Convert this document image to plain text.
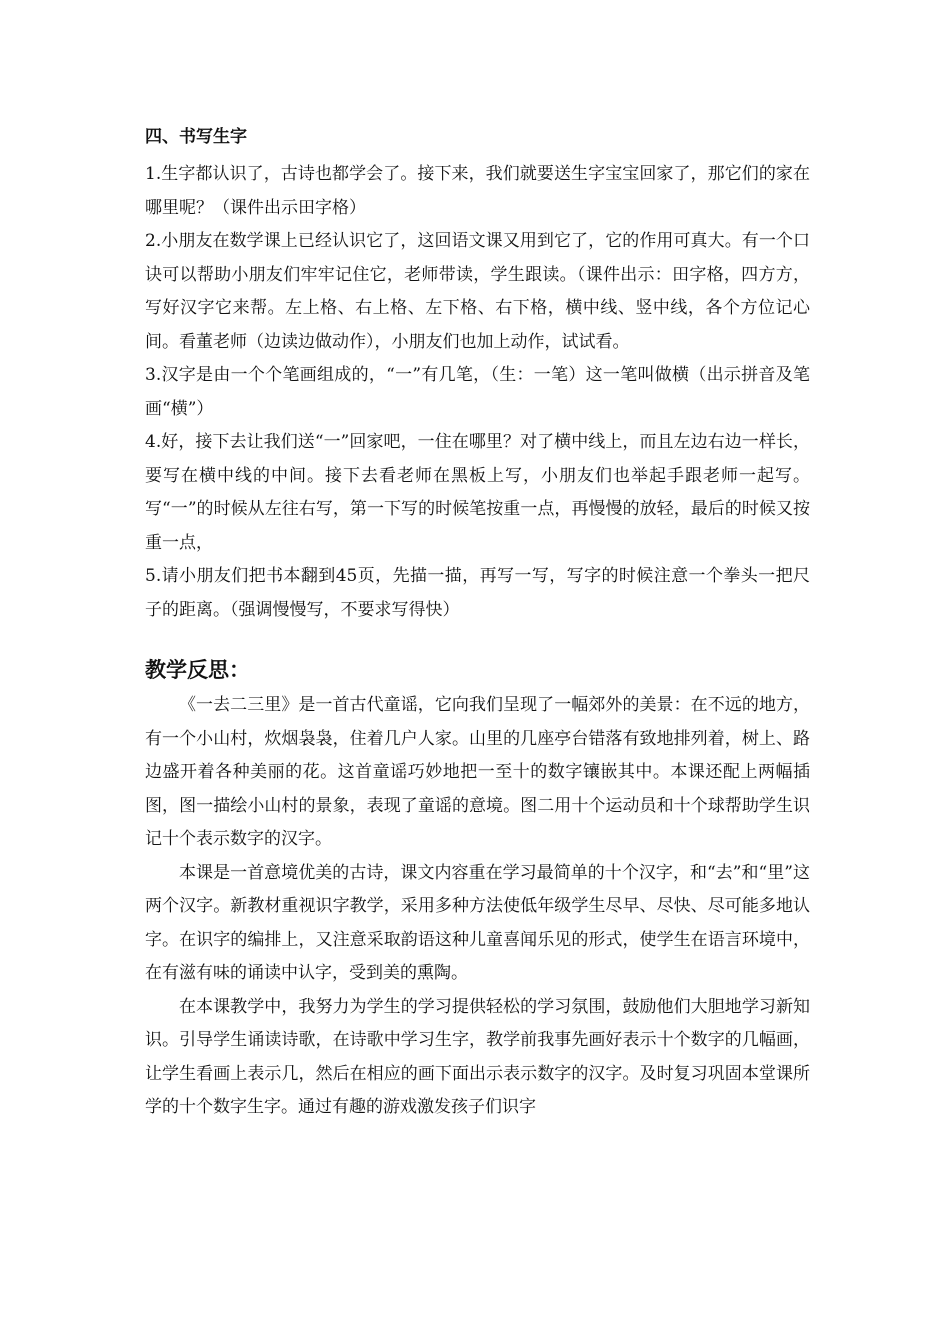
四、书写生字

1.生字都认识了，古诗也都学会了。接下来，我们就要送生字宝宝回家了，那它们的家在哪里呢？（课件出示田字格）

2.小朋友在数学课上已经认识它了，这回语文课又用到它了，它的作用可真大。有一个口诀可以帮助小朋友们牢牢记住它，老师带读，学生跟读。（课件出示：田字格，四方方，写好汉字它来帮。左上格、右上格、左下格、右下格，横中线、竖中线，各个方位记心间。看董老师（边读边做动作），小朋友们也加上动作，试试看。

3.汉字是由一个个笔画组成的，“一”有几笔，（生：一笔）这一笔叫做横（出示拼音及笔画“横”）

4.好，接下去让我们送“一”回家吧，一住在哪里？对了横中线上，而且左边右边一样长，要写在横中线的中间。接下去看老师在黑板上写，小朋友们也举起手跟老师一起写。写“一”的时候从左往右写，第一下写的时候笔按重一点，再慢慢的放轻，最后的时候又按重一点，

5.请小朋友们把书本翻到45页，先描一描，再写一写，写字的时候注意一个拳头一把尺子的距离。（强调慢慢写，不要求写得快）

教学反思：

《一去二三里》是一首古代童谣，它向我们呈现了一幅郊外的美景：在不远的地方，有一个小山村，炊烟袅袅，住着几户人家。山里的几座亭台错落有致地排列着，树上、路边盛开着各种美丽的花。这首童谣巧妙地把一至十的数字镶嵌其中。本课还配上两幅插图，图一描绘小山村的景象，表现了童谣的意境。图二用十个运动员和十个球帮助学生识记十个表示数字的汉字。

本课是一首意境优美的古诗，课文内容重在学习最简单的十个汉字，和“去”和“里”这两个汉字。新教材重视识字教学，采用多种方法使低年级学生尽早、尽快、尽可能多地认字。在识字的编排上，又注意采取韵语这种儿童喜闻乐见的形式，使学生在语言环境中，在有滋有味的诵读中认字，受到美的熏陶。

在本课教学中，我努力为学生的学习提供轻松的学习氛围，鼓励他们大胆地学习新知识。引导学生诵读诗歌，在诗歌中学习生字，教学前我事先画好表示十个数字的几幅画，让学生看画上表示几，然后在相应的画下面出示表示数字的汉字。及时复习巩固本堂课所学的十个数字生字。通过有趣的游戏激发孩子们识字
